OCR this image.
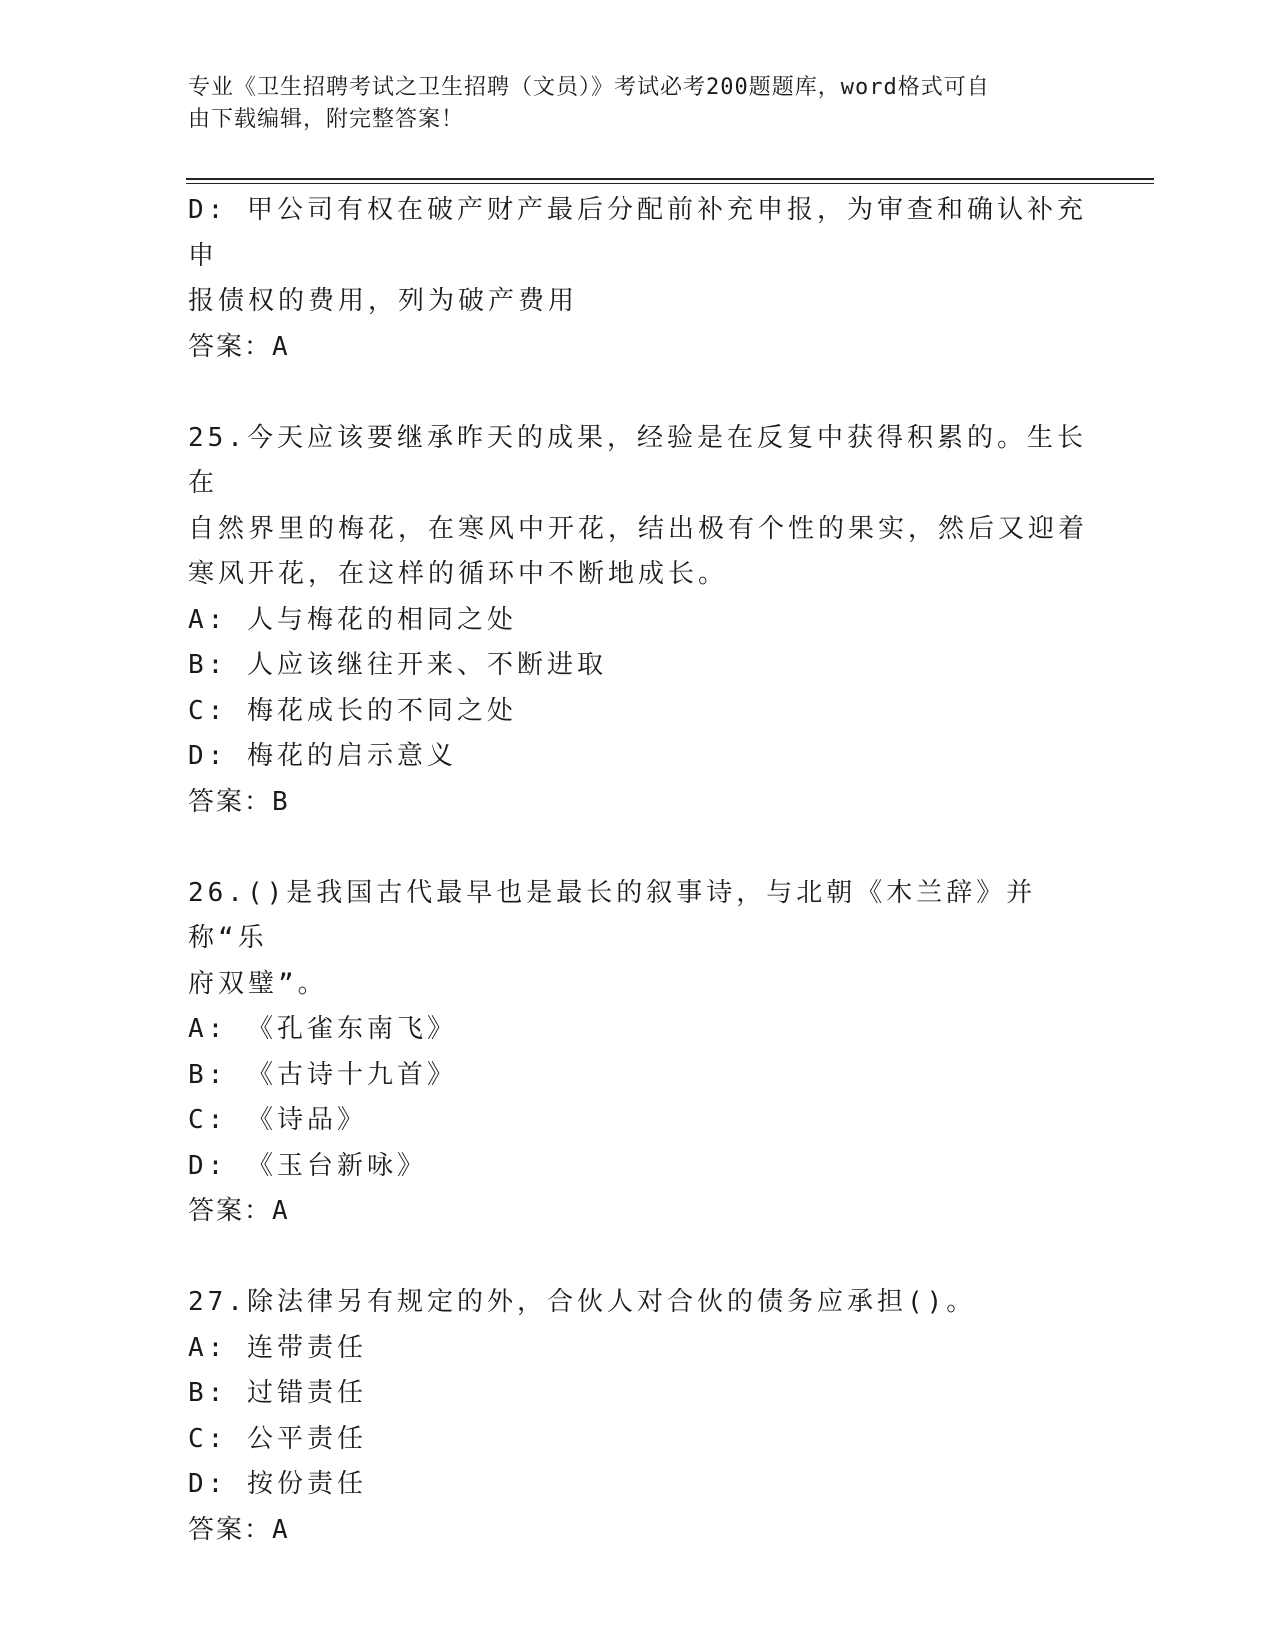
专业《卫生招聘考试之卫生招聘（文员）》考试必考200题题库，word格式可自
由下载编辑，附完整答案！
D: 甲公司有权在破产财产最后分配前补充申报，为审查和确认补充申
报债权的费用，列为破产费用
答案：A
25.今天应该要继承昨天的成果，经验是在反复中获得积累的。生长在
自然界里的梅花，在寒风中开花，结出极有个性的果实，然后又迎着
寒风开花，在这样的循环中不断地成长。
A: 人与梅花的相同之处
B: 人应该继往开来、不断进取
C: 梅花成长的不同之处
D: 梅花的启示意义
答案：B
26.()是我国古代最早也是最长的叙事诗，与北朝《木兰辞》并称“乐
府双璧”。
A: 《孔雀东南飞》
B: 《古诗十九首》
C: 《诗品》
D: 《玉台新咏》
答案：A
27.除法律另有规定的外，合伙人对合伙的债务应承担()。
A: 连带责任
B: 过错责任
C: 公平责任
D: 按份责任
答案：A
